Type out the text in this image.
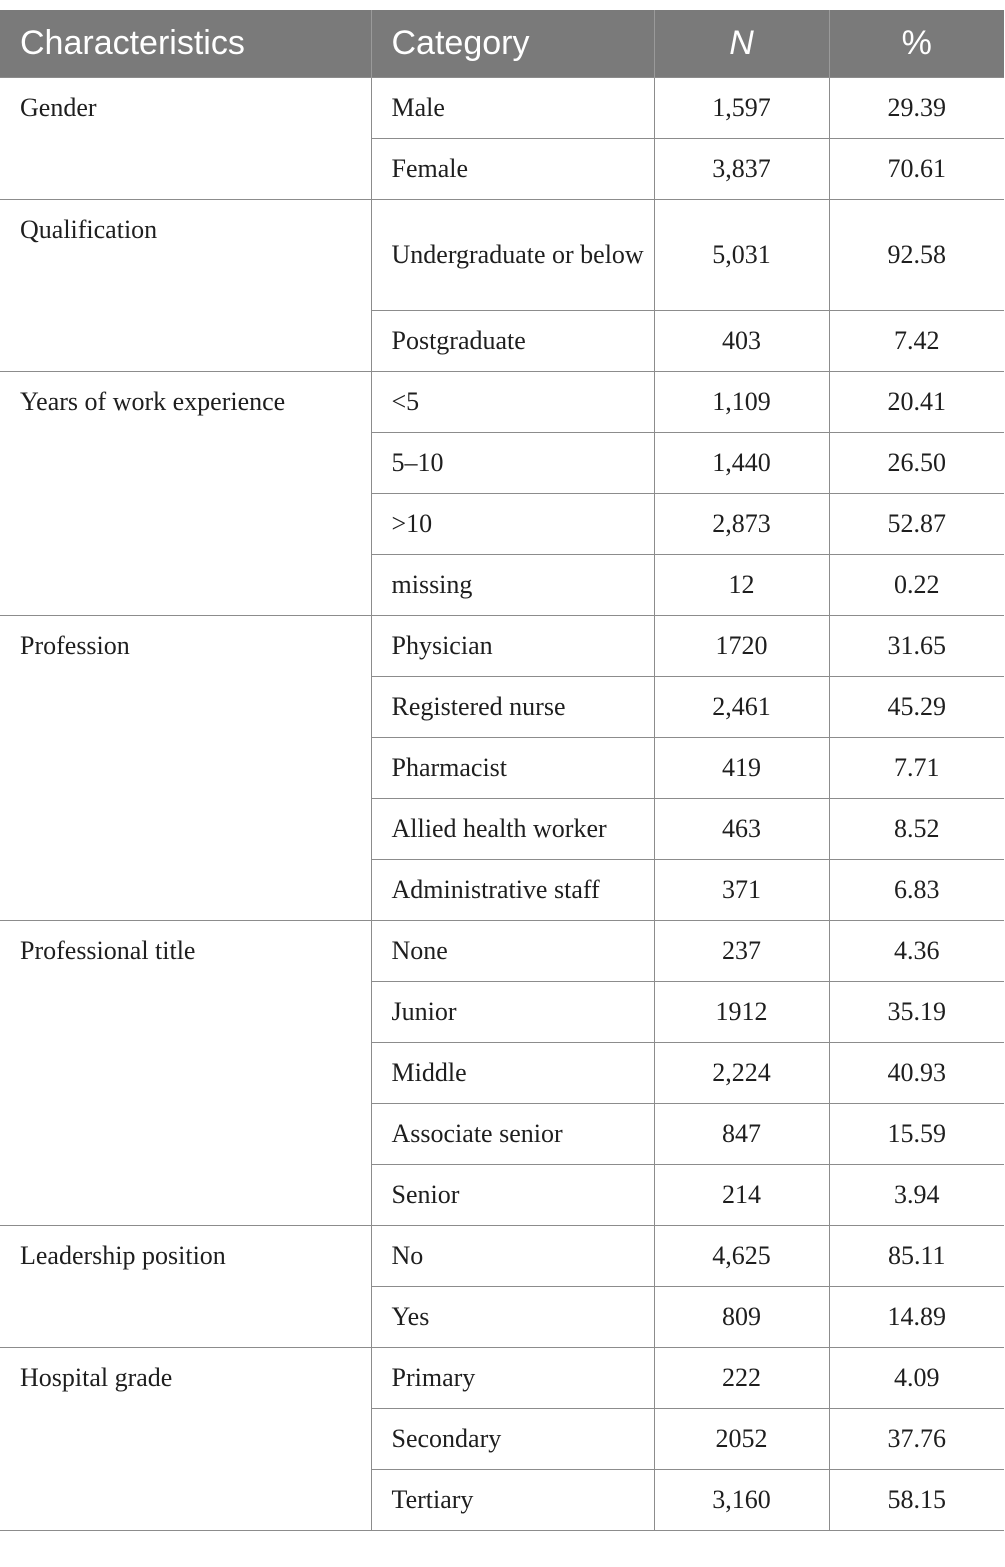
Characteristics	Category	N	%
Gender	Male	1,597	29.39
	Female	3,837	70.61
Qualification	Undergraduate or below	5,031	92.58
	Postgraduate	403	7.42
Years of work experience	<5	1,109	20.41
	5–10	1,440	26.50
	>10	2,873	52.87
	missing	12	0.22
Profession	Physician	1720	31.65
	Registered nurse	2,461	45.29
	Pharmacist	419	7.71
	Allied health worker	463	8.52
	Administrative staff	371	6.83
Professional title	None	237	4.36
	Junior	1912	35.19
	Middle	2,224	40.93
	Associate senior	847	15.59
	Senior	214	3.94
Leadership position	No	4,625	85.11
	Yes	809	14.89
Hospital grade	Primary	222	4.09
	Secondary	2052	37.76
	Tertiary	3,160	58.15
